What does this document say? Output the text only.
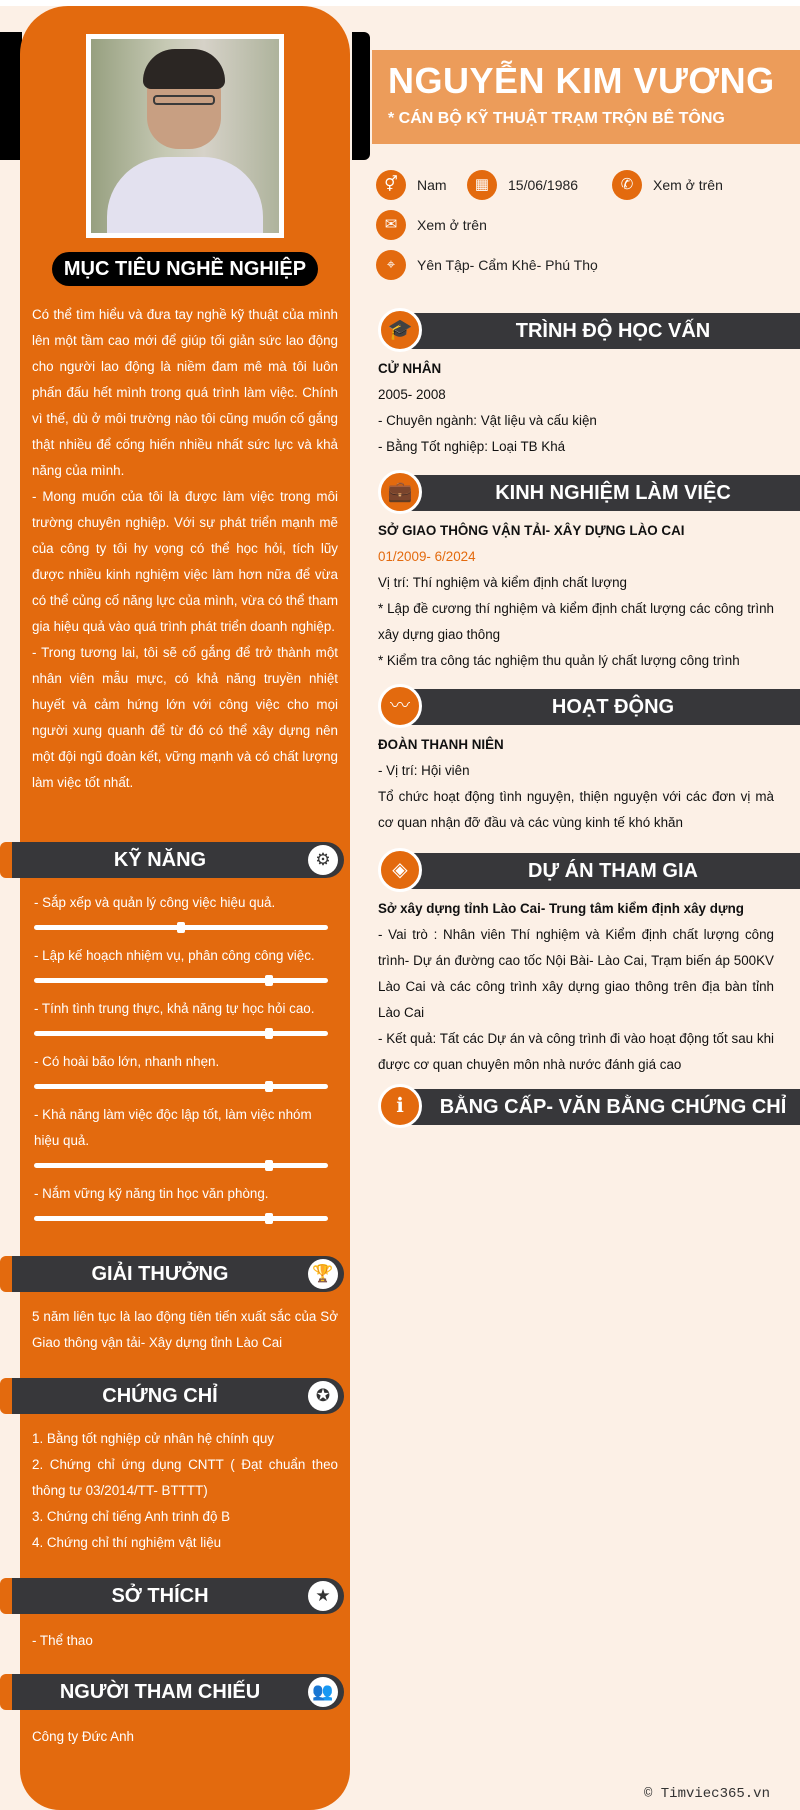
MỤC TIÊU NGHỀ NGHIỆP

Có thể tìm hiểu và đưa tay nghề kỹ thuật của mình lên một tầm cao mới để giúp tối giản sức lao động cho người lao động là niềm đam mê mà tôi luôn phấn đấu hết mình trong quá trình làm việc. Chính vì thế, dù ở môi trường nào tôi cũng muốn cố gắng thật nhiều để cống hiến nhiều nhất sức lực và khả năng của mình.

- Mong muốn của tôi là được làm việc trong môi trường chuyên nghiệp. Với sự phát triển mạnh mẽ của công ty tôi hy vọng có thể học hỏi, tích lũy được nhiều kinh nghiệm việc làm hơn nữa để vừa có thể củng cố năng lực của mình, vừa có thể tham gia hiệu quả vào quá trình phát triển doanh nghiệp.

- Trong tương lai, tôi sẽ cố gắng để trở thành một nhân viên mẫu mực, có khả năng truyền nhiệt huyết và cảm hứng lớn với công việc cho mọi người xung quanh để từ đó có thể xây dựng nên một đội ngũ đoàn kết, vững mạnh và có chất lượng làm việc tốt nhất.

KỸ NĂNG	⚙
- Sắp xếp và quản lý công việc hiệu quả.
- Lập kế hoạch nhiệm vụ, phân công công việc.
- Tính tình trung thực, khả năng tự học hỏi cao.
- Có hoài bão lớn, nhanh nhẹn.
- Khả năng làm việc độc lập tốt, làm việc nhóm hiệu quả.
- Nắm vững kỹ năng tin học văn phòng.
GIẢI THƯỞNG	🏆

5 năm liên tục là lao động tiên tiến xuất sắc của Sở Giao thông vận tải- Xây dựng tỉnh Lào Cai

CHỨNG CHỈ	✪

1. Bằng tốt nghiệp cử nhân hệ chính quy

2. Chứng chỉ ứng dụng CNTT ( Đạt chuẩn theo thông tư 03/2014/TT- BTTTT)

3. Chứng chỉ tiếng Anh trình độ B

4. Chứng chỉ thí nghiệm vật liệu

SỞ THÍCH	★

- Thể thao

NGƯỜI THAM CHIẾU	👥

Công ty Đức Anh

NGUYỄN KIM VƯƠNG
* CÁN BỘ KỸ THUẬT TRẠM TRỘN BÊ TÔNG
⚥	Nam	▦	15/06/1986	✆	Xem ở trên
✉	Xem ở trên
⌖	Yên Tập- Cẩm Khê- Phú Thọ
🎓	TRÌNH ĐỘ HỌC VẤN

CỬ NHÂN

2005- 2008

- Chuyên ngành: Vật liệu và cấu kiện

- Bằng Tốt nghiệp: Loại TB Khá

💼	KINH NGHIỆM LÀM VIỆC

SỞ GIAO THÔNG VẬN TẢI- XÂY DỰNG LÀO CAI

01/2009- 6/2024

Vị trí: Thí nghiệm và kiểm định chất lượng

* Lập đề cương thí nghiệm và kiểm định chất lượng các công trình xây dựng giao thông

* Kiểm tra công tác nghiệm thu quản lý chất lượng công trình

〰	HOẠT ĐỘNG

ĐOÀN THANH NIÊN

- Vị trí: Hội viên

Tổ chức hoạt động tình nguyện, thiện nguyện với các đơn vị mà cơ quan nhận đỡ đầu và các vùng kinh tế khó khăn

◈	DỰ ÁN THAM GIA

Sở xây dựng tỉnh Lào Cai- Trung tâm kiểm định xây dựng

- Vai trò : Nhân viên Thí nghiệm và Kiểm định chất lượng công trình- Dự án đường cao tốc Nội Bài- Lào Cai, Trạm biến áp 500KV Lào Cai và các công trình xây dựng giao thông trên địa bàn tỉnh Lào Cai

- Kết quả: Tất các Dự án và công trình đi vào hoạt động tốt sau khi được cơ quan chuyên môn nhà nước đánh giá cao

ℹ	BẰNG CẤP- VĂN BẰNG CHỨNG CHỈ
© Timviec365.vn
